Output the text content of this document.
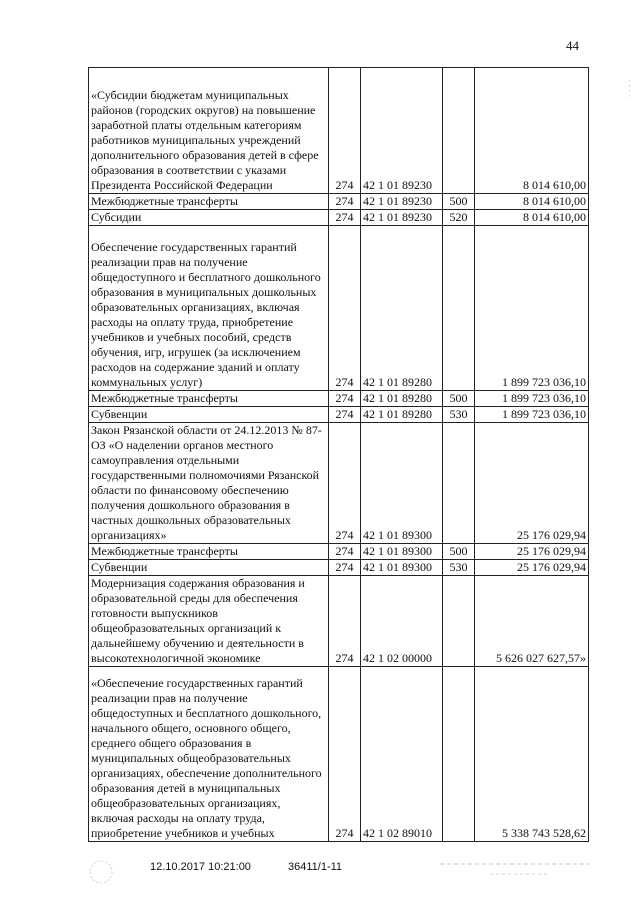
44
«Субсидии бюджетам муниципальных районов (городских округов) на повышение заработной платы отдельным категориям работников муниципальных учреждений дополнительного образования детей в сфере образования в соответствии с указами Президента Российской Федерации	274	42 1 01 89230		8 014 610,00
Межбюджетные трансферты	274	42 1 01 89230	500	8 014 610,00
Субсидии	274	42 1 01 89230	520	8 014 610,00
Обеспечение государственных гарантий реализации прав на получение общедоступного и бесплатного дошкольного образования в муниципальных дошкольных образовательных организациях, включая расходы на оплату труда, приобретение учебников и учебных пособий, средств обучения, игр, игрушек (за исключением расходов на содержание зданий и оплату коммунальных услуг)	274	42 1 01 89280		1 899 723 036,10
Межбюджетные трансферты	274	42 1 01 89280	500	1 899 723 036,10
Субвенции	274	42 1 01 89280	530	1 899 723 036,10
Закон Рязанской области от 24.12.2013 № 87-ОЗ «О наделении органов местного самоуправления отдельными государственными полномочиями Рязанской области по финансовому обеспечению получения дошкольного образования в частных дошкольных образовательных организациях»	274	42 1 01 89300		25 176 029,94
Межбюджетные трансферты	274	42 1 01 89300	500	25 176 029,94
Субвенции	274	42 1 01 89300	530	25 176 029,94
Модернизация содержания образования и образовательной среды для обеспечения готовности выпускников общеобразовательных организаций к дальнейшему обучению и деятельности в высокотехнологичной экономике	274	42 1 02 00000		5 626 027 627,57»
«Обеспечение государственных гарантий реализации прав на получение общедоступных и бесплатного дошкольного, начального общего, основного общего, среднего общего образования в муниципальных общеобразовательных организациях, обеспечение дополнительного образования детей в муниципальных общеобразовательных организациях, включая расходы на оплату труда, приобретение учебников и учебных	274	42 1 02 89010		5 338 743 528,62
12.10.2017 10:21:00	36411/1-11
